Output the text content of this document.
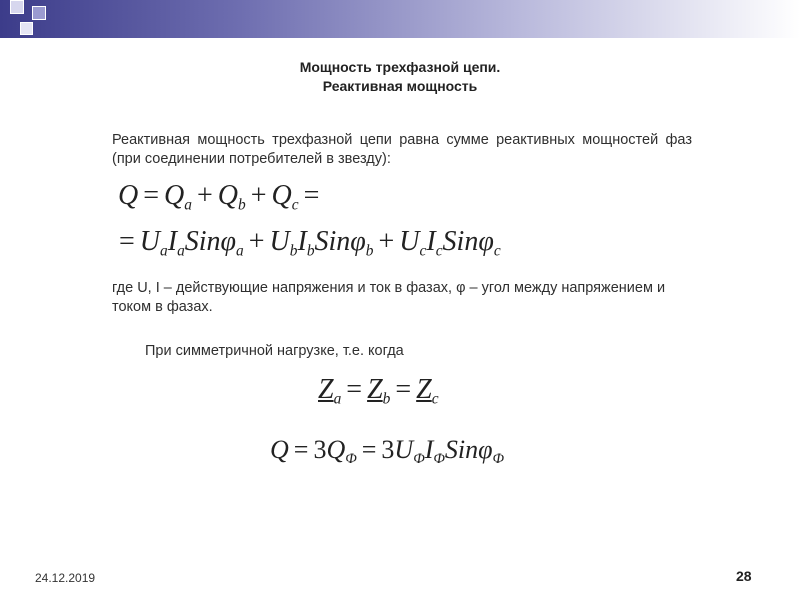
Мощность трехфазной цепи.
Реактивная мощность
Реактивная мощность трехфазной цепи равна сумме реактивных мощностей фаз (при соединении потребителей в звезду):
$Q = Q_a + Q_b + Q_c$ =
= $U_aI_aSin\varphi_a + U_bI_bSin\varphi_b + U_cI_cSin\varphi_c$
где U, I – действующие напряжения и ток в фазах, φ – угол между напряжением и током в фазах.
При симметричной нагрузке, т.е. когда
$Z_a = Z_b = Z_c$
$Q = 3Q_Ф = 3U_ФI_ФSin\varphi_Ф$
24.12.2019	28
